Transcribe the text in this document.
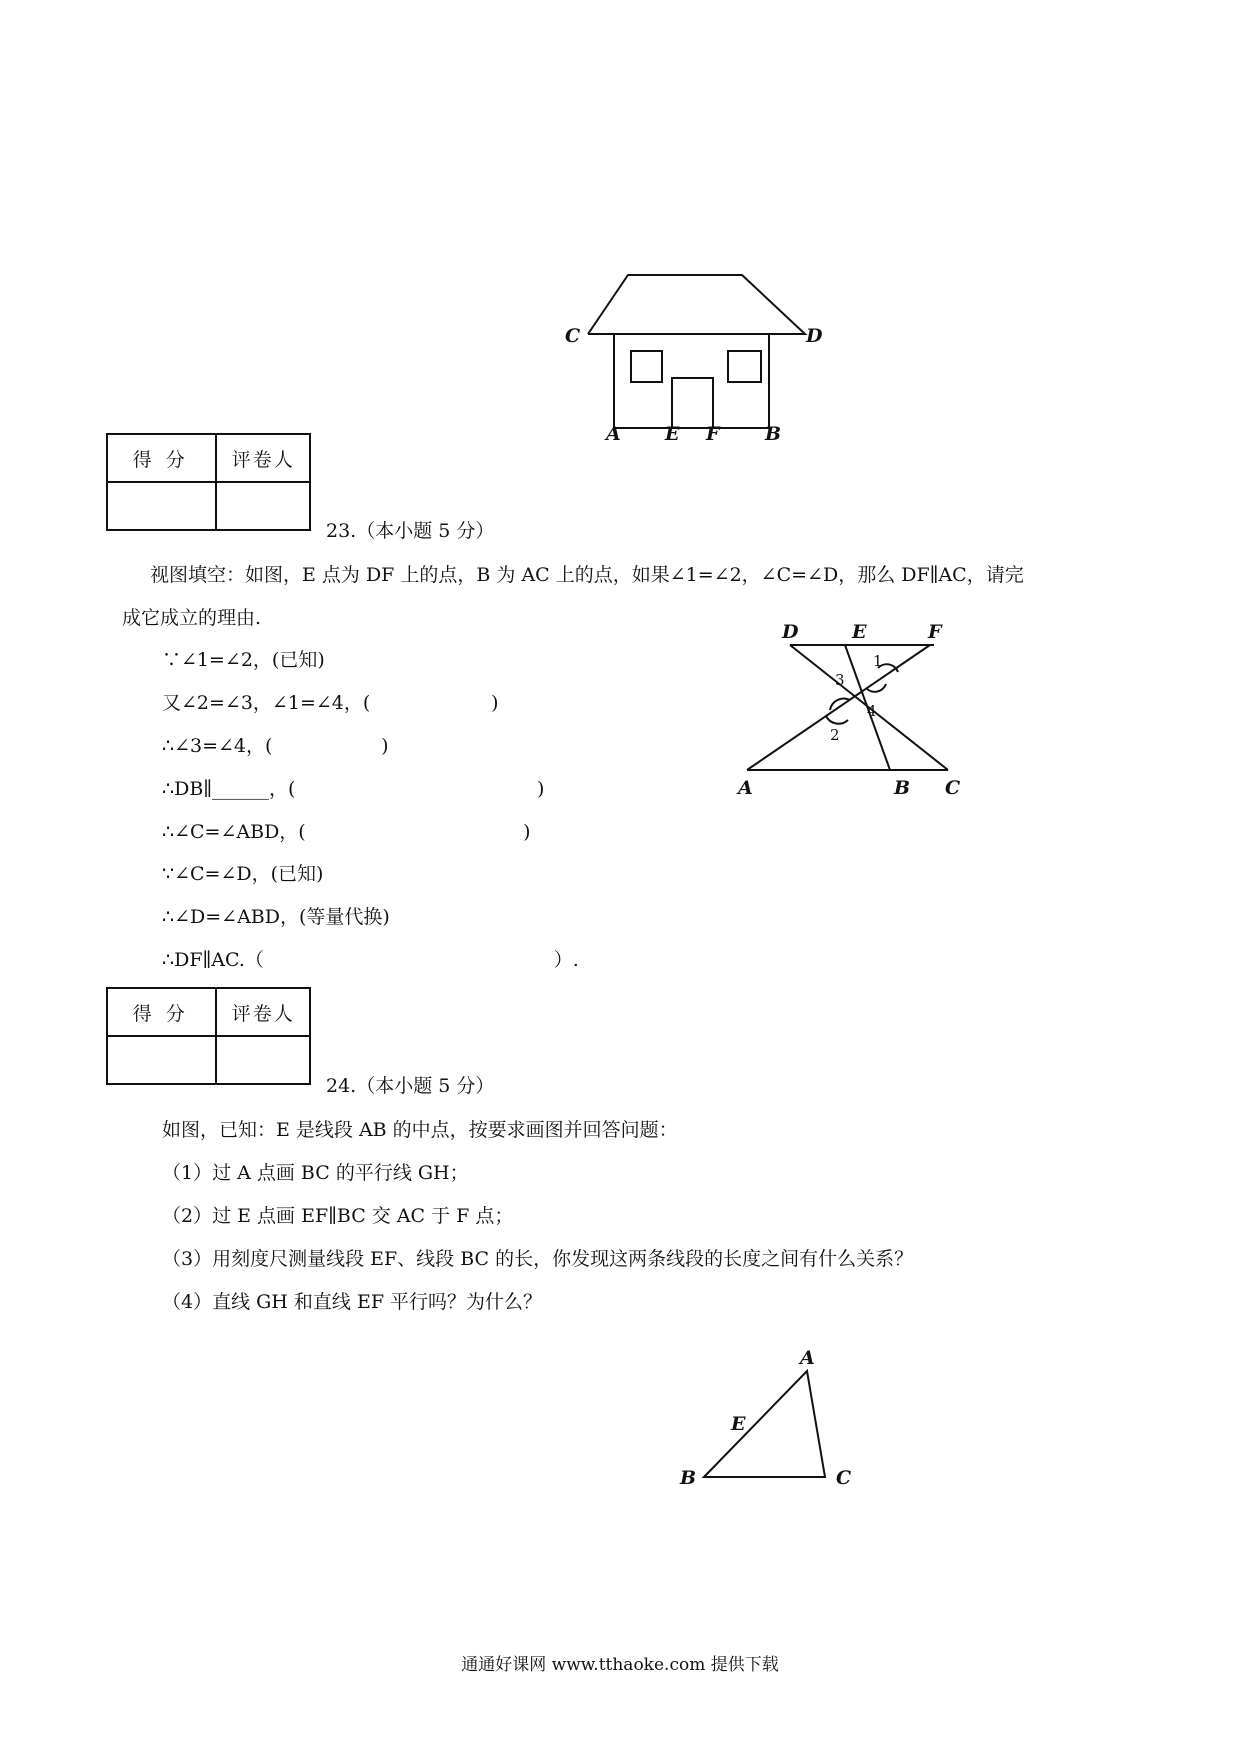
C	D
A E F B
得分	评卷人

23.（本小题 5 分）
视图填空：如图，E 点为 DF 上的点，B 为 AC 上的点，如果∠1=∠2，∠C=∠D，那么 DF∥AC，请完
成它成立的理由.
∵∠1=∠2，(已知)
又∠2=∠3，∠1=∠4，(                    )
∴∠3=∠4，(                  )
∴DB∥______，(                                        )
∴∠C=∠ABD，(                                    )
∵∠C=∠D，(已知)
∴∠D=∠ABD，(等量代换)
∴DF∥AC.（                                                ）.
D	E	F
A	B C
1
2
3
4
得分	评卷人

24.（本小题 5 分）
如图，已知：E 是线段 AB 的中点，按要求画图并回答问题：
（1）过 A 点画 BC 的平行线 GH；
（2）过 E 点画 EF∥BC 交 AC 于 F 点；
（3）用刻度尺测量线段 EF、线段 BC 的长，你发现这两条线段的长度之间有什么关系？
（4）直线 GH 和直线 EF 平行吗？为什么？
A
E
B	C
通通好课网 www.tthaoke.com 提供下载
